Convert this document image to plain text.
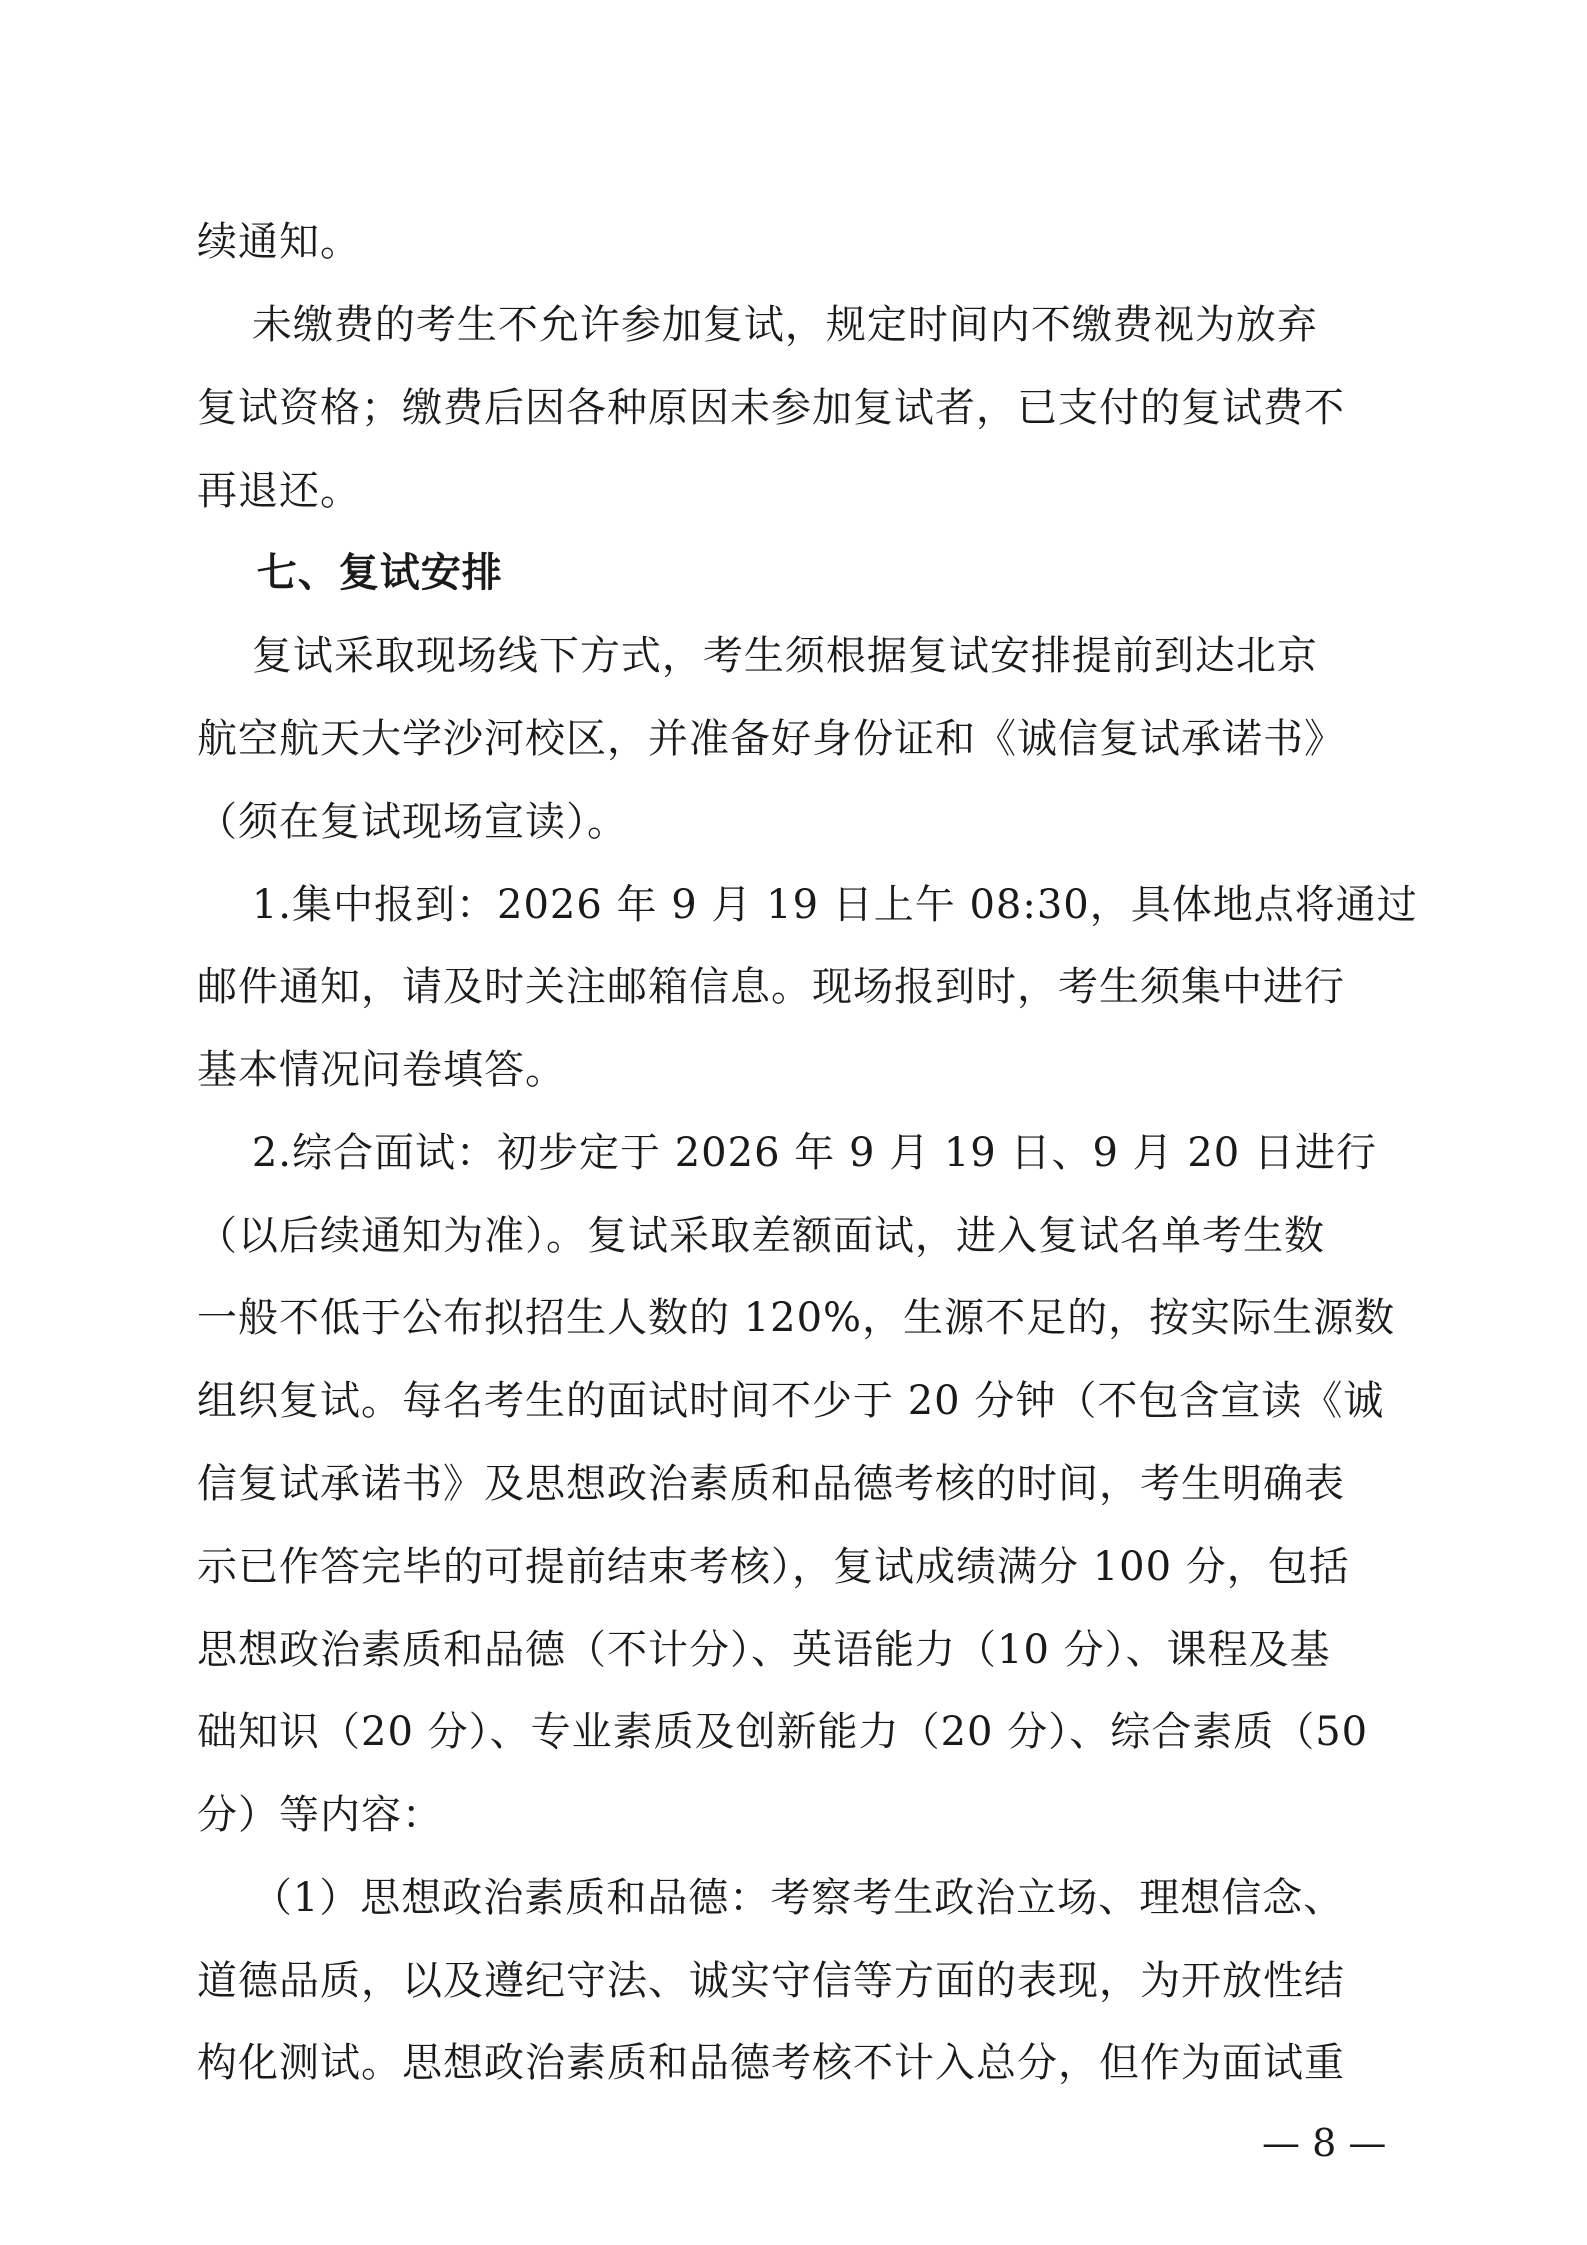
续通知。
未缴费的考生不允许参加复试，规定时间内不缴费视为放弃
复试资格；缴费后因各种原因未参加复试者，已支付的复试费不
再退还。
七、复试安排
复试采取现场线下方式，考生须根据复试安排提前到达北京
航空航天大学沙河校区，并准备好身份证和《诚信复试承诺书》
（须在复试现场宣读）。
1.集中报到：2026 年 9 月 19 日上午 08:30，具体地点将通过
邮件通知，请及时关注邮箱信息。现场报到时，考生须集中进行
基本情况问卷填答。
2.综合面试：初步定于 2026 年 9 月 19 日、9 月 20 日进行
（以后续通知为准）。复试采取差额面试，进入复试名单考生数
一般不低于公布拟招生人数的 120%，生源不足的，按实际生源数
组织复试。每名考生的面试时间不少于 20 分钟（不包含宣读《诚
信复试承诺书》及思想政治素质和品德考核的时间，考生明确表
示已作答完毕的可提前结束考核），复试成绩满分 100 分，包括
思想政治素质和品德（不计分）、英语能力（10 分）、课程及基
础知识（20 分）、专业素质及创新能力（20 分）、综合素质（50
分）等内容：
（1）思想政治素质和品德：考察考生政治立场、理想信念、
道德品质，以及遵纪守法、诚实守信等方面的表现，为开放性结
构化测试。思想政治素质和品德考核不计入总分，但作为面试重
— 8 —
